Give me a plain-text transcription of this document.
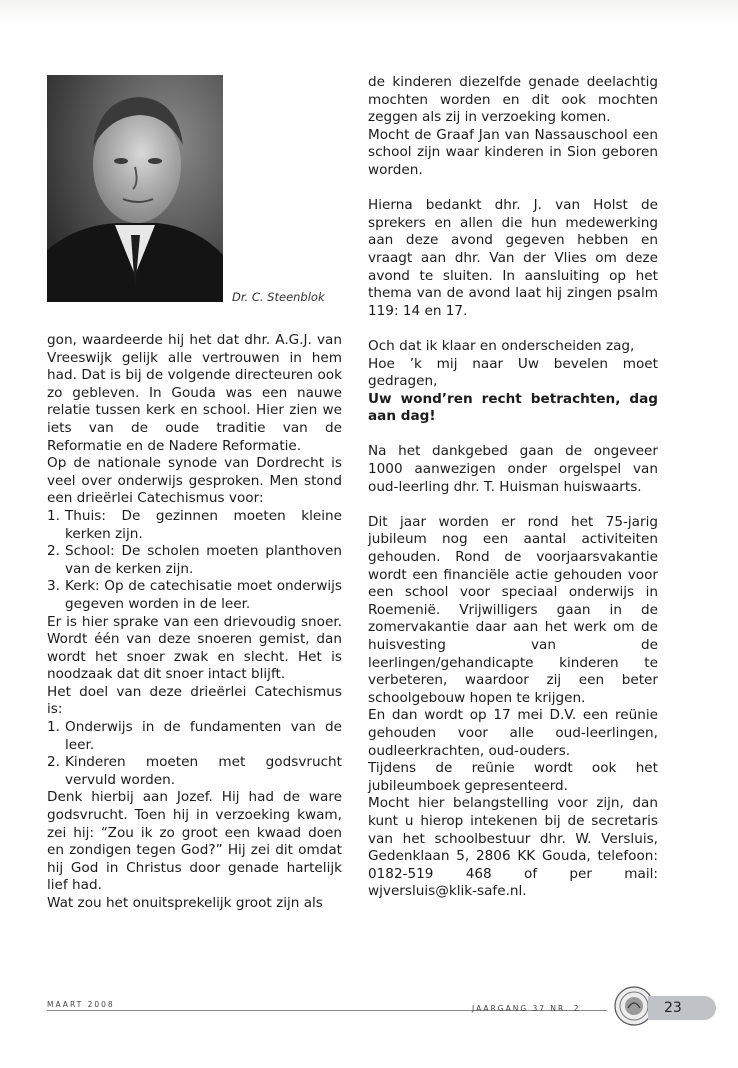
Dr. C. Steenblok

gon, waardeerde hij het dat dhr. A.G.J. van Vreeswijk gelijk alle vertrouwen in hem had. Dat is bij de volgende directeuren ook zo gebleven. In Gouda was een nauwe relatie tussen kerk en school. Hier zien we iets van de oude traditie van de Reformatie en de Nadere Reformatie.

Op de nationale synode van Dordrecht is veel over onderwijs gesproken. Men stond een drieërlei Catechismus voor:

1. Thuis: De gezinnen moeten kleine kerken zijn.
2. School: De scholen moeten planthoven van de kerken zijn.
3. Kerk: Op de catechisatie moet onderwijs gegeven worden in de leer.

Er is hier sprake van een drievoudig snoer. Wordt één van deze snoeren gemist, dan wordt het snoer zwak en slecht. Het is noodzaak dat dit snoer intact blijft.

Het doel van deze drieërlei Catechismus is:

1. Onderwijs in de fundamenten van de leer.
2. Kinderen moeten met godsvrucht vervuld worden.

Denk hierbij aan Jozef. Hij had de ware godsvrucht. Toen hij in verzoeking kwam, zei hij: “Zou ik zo groot een kwaad doen en zondigen tegen God?” Hij zei dit omdat hij God in Christus door genade hartelijk lief had.

Wat zou het onuitsprekelijk groot zijn als

de kinderen diezelfde genade deelachtig mochten worden en dit ook mochten zeggen als zij in verzoeking komen.

Mocht de Graaf Jan van Nassauschool een school zijn waar kinderen in Sion geboren worden.

Hierna bedankt dhr. J. van Holst de sprekers en allen die hun medewerking aan deze avond gegeven hebben en vraagt aan dhr. Van der Vlies om deze avond te sluiten. In aansluiting op het thema van de avond laat hij zingen psalm 119: 14 en 17.

Och dat ik klaar en onderscheiden zag,

Hoe ’k mij naar Uw bevelen moet gedragen,

Uw wond’ren recht betrachten, dag aan dag!

Na het dankgebed gaan de ongeveer 1000 aanwezigen onder orgelspel van oud-leerling dhr. T. Huisman huiswaarts.

Dit jaar worden er rond het 75-jarig jubileum nog een aantal activiteiten gehouden. Rond de voorjaarsvakantie wordt een financiële actie gehouden voor een school voor speciaal onderwijs in Roemenië. Vrijwilligers gaan in de zomervakantie daar aan het werk om de huisvesting van de leerlingen/gehandicapte kinderen te verbeteren, waardoor zij een beter schoolgebouw hopen te krijgen.

En dan wordt op 17 mei D.V. een reünie gehouden voor alle oud-leerlingen, oudleerkrachten, oud-ouders.

Tijdens de reünie wordt ook het jubileumboek gepresenteerd.

Mocht hier belangstelling voor zijn, dan kunt u hierop intekenen bij de secretaris van het schoolbestuur dhr. W. Versluis, Gedenklaan 5, 2806 KK Gouda, telefoon: 0182-519 468 of per mail: wjversluis@klik-safe.nl.

MAART 2008	JAARGANG 37 NR. 2	23
